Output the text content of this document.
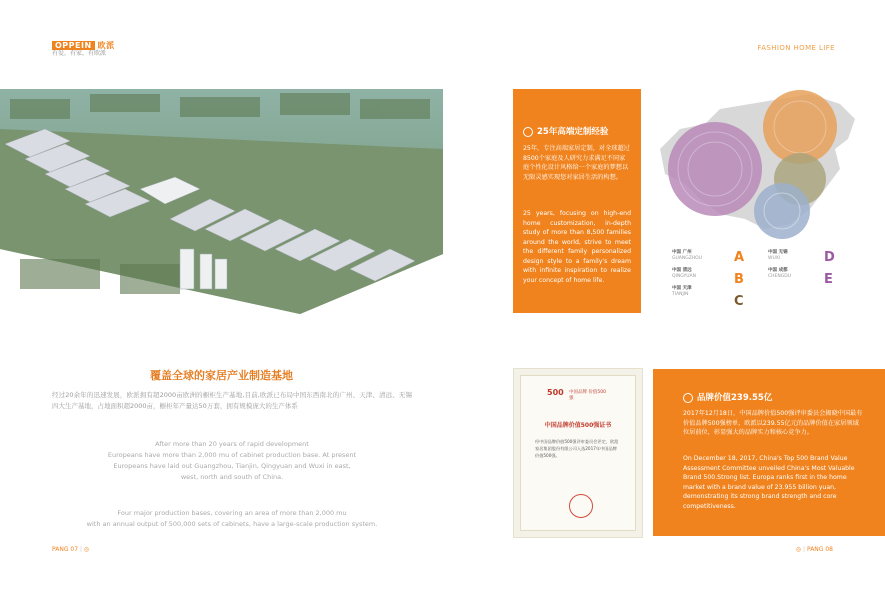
OPPEIN 欧派
有爱，有家，有欧派
FASHION HOME LIFE
覆盖全球的家居产业制造基地
经过20余年的迅速发展，欧派拥有超2000亩欧洲的橱柜生产基地,目前,欧派已布局中国东西南北的广州、天津、清远、无锡四大生产基地，占地面积超2000亩，橱柜年产量达50万套，拥有规模庞大的生产体系
After more than 20 years of rapid development
Europeans have more than 2,000 mu of cabinet production base. At present
Europeans have laid out Guangzhou, Tianjin, Qingyuan and Wuxi in east,
west, north and south of China.
Four major production bases, covering an area of more than 2,000 mu
with an annual output of 500,000 sets of cabinets, have a large-scale production system.
PANG 07 | ◎
25年高端定制经验
25年，专注高端家居定制，对全球超过8500个家庭及人研究力求满足不同家庭个性化设计风格给一个家庭的梦想以无限灵感实现您对家居生活的构想。
25 years, focusing on high-end home customization, in-depth study of more than 8,500 families around the world, strive to meet the different family personalized design style to a family's dream with infinite inspiration to realize your concept of home life.
中国 广州
GUANGZHOU
中国 清远
QINGYUAN
中国 天津
TIANJIN
中国 无锡
WUXI
中国 成都
CHENGDU
A
B
C
D
E
500 中国品牌 价值500强
中国品牌价值500强证书
经中国品牌价值500强评审委员会评定，欧派家居集团股份有限公司入选2017年中国品牌价值500强。
品牌价值239.55亿
2017年12月18日，中国品牌价值500强评审委员会揭晓中国最有价值品牌500强榜单，欧派以239.55亿元的品牌价值在家居领域位居前位，彰显强大的品牌实力和核心竞争力。
On December 18, 2017, China's Top 500 Brand Value Assessment Committee unveiled China's Most Valuable Brand 500.Strong list. Europa ranks first in the home market with a brand value of 23.955 billion yuan, demonstrating its strong brand strength and core competitiveness.
◎ | PANG 08
